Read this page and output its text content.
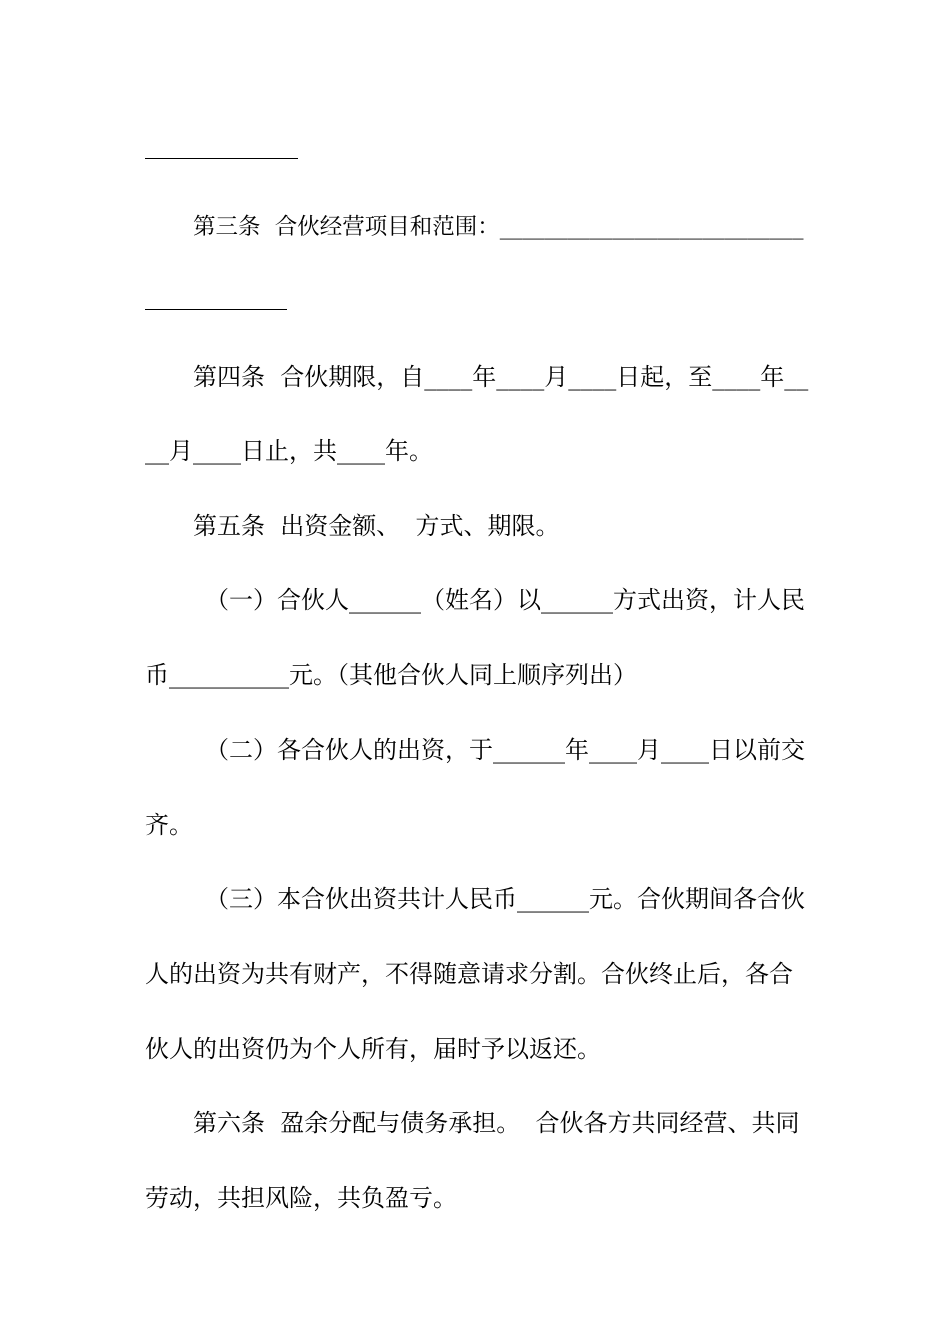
第三条  合伙经营项目和范围：___________________________
第四条  合伙期限，自____年____月____日起，至____年__
__月____日止，共____年。
第五条  出资金额、  方式、期限。
（一）合伙人______（姓名）以______方式出资，计人民
币__________元。（其他合伙人同上顺序列出）
（二）各合伙人的出资，于______年____月____日以前交
齐。
（三）本合伙出资共计人民币______元。合伙期间各合伙
人的出资为共有财产，不得随意请求分割。合伙终止后，各合
伙人的出资仍为个人所有，届时予以返还。
第六条  盈余分配与债务承担。  合伙各方共同经营、共同
劳动，共担风险，共负盈亏。
